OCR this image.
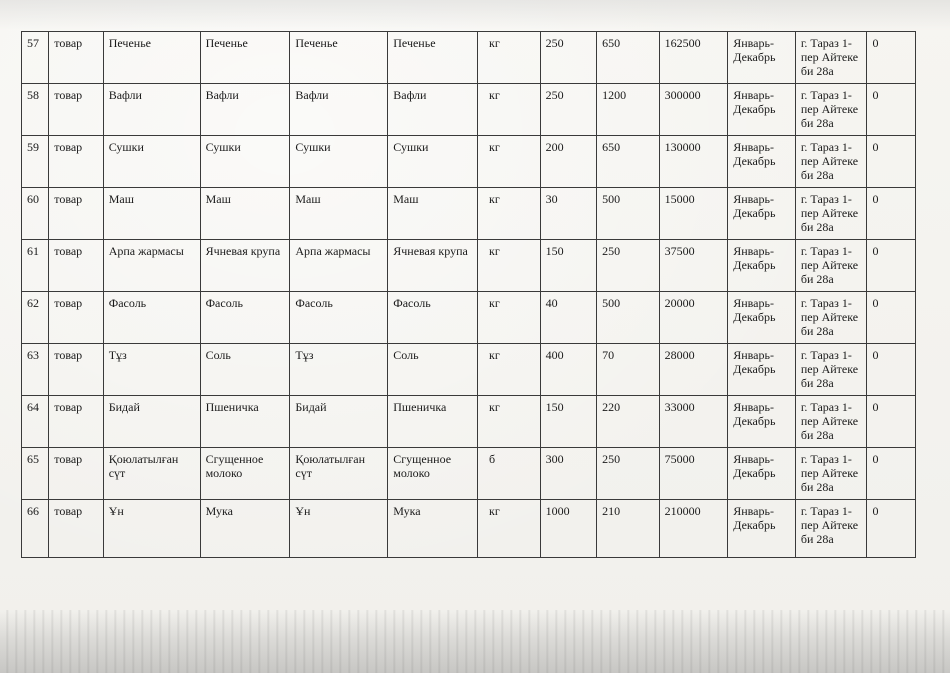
57	товар	Печенье	Печенье	Печенье	Печенье	кг	250	650	162500	Январь-Декабрь	г. Тараз 1-пер Айтеке би 28а	0
58	товар	Вафли	Вафли	Вафли	Вафли	кг	250	1200	300000	Январь-Декабрь	г. Тараз 1-пер Айтеке би 28а	0
59	товар	Сушки	Сушки	Сушки	Сушки	кг	200	650	130000	Январь-Декабрь	г. Тараз 1-пер Айтеке би 28а	0
60	товар	Маш	Маш	Маш	Маш	кг	30	500	15000	Январь-Декабрь	г. Тараз 1-пер Айтеке би 28а	0
61	товар	Арпа жармасы	Ячневая крупа	Арпа жармасы	Ячневая крупа	кг	150	250	37500	Январь-Декабрь	г. Тараз 1-пер Айтеке би 28а	0
62	товар	Фасоль	Фасоль	Фасоль	Фасоль	кг	40	500	20000	Январь-Декабрь	г. Тараз 1-пер Айтеке би 28а	0
63	товар	Тұз	Соль	Тұз	Соль	кг	400	70	28000	Январь-Декабрь	г. Тараз 1-пер Айтеке би 28а	0
64	товар	Бидай	Пшеничка	Бидай	Пшеничка	кг	150	220	33000	Январь-Декабрь	г. Тараз 1-пер Айтеке би 28а	0
65	товар	Қоюлатылған сүт	Сгущенное молоко	Қоюлатылған сүт	Сгущенное молоко	б	300	250	75000	Январь-Декабрь	г. Тараз 1-пер Айтеке би 28а	0
66	товар	Ұн	Мука	Ұн	Мука	кг	1000	210	210000	Январь-Декабрь	г. Тараз 1-пер Айтеке би 28а	0
